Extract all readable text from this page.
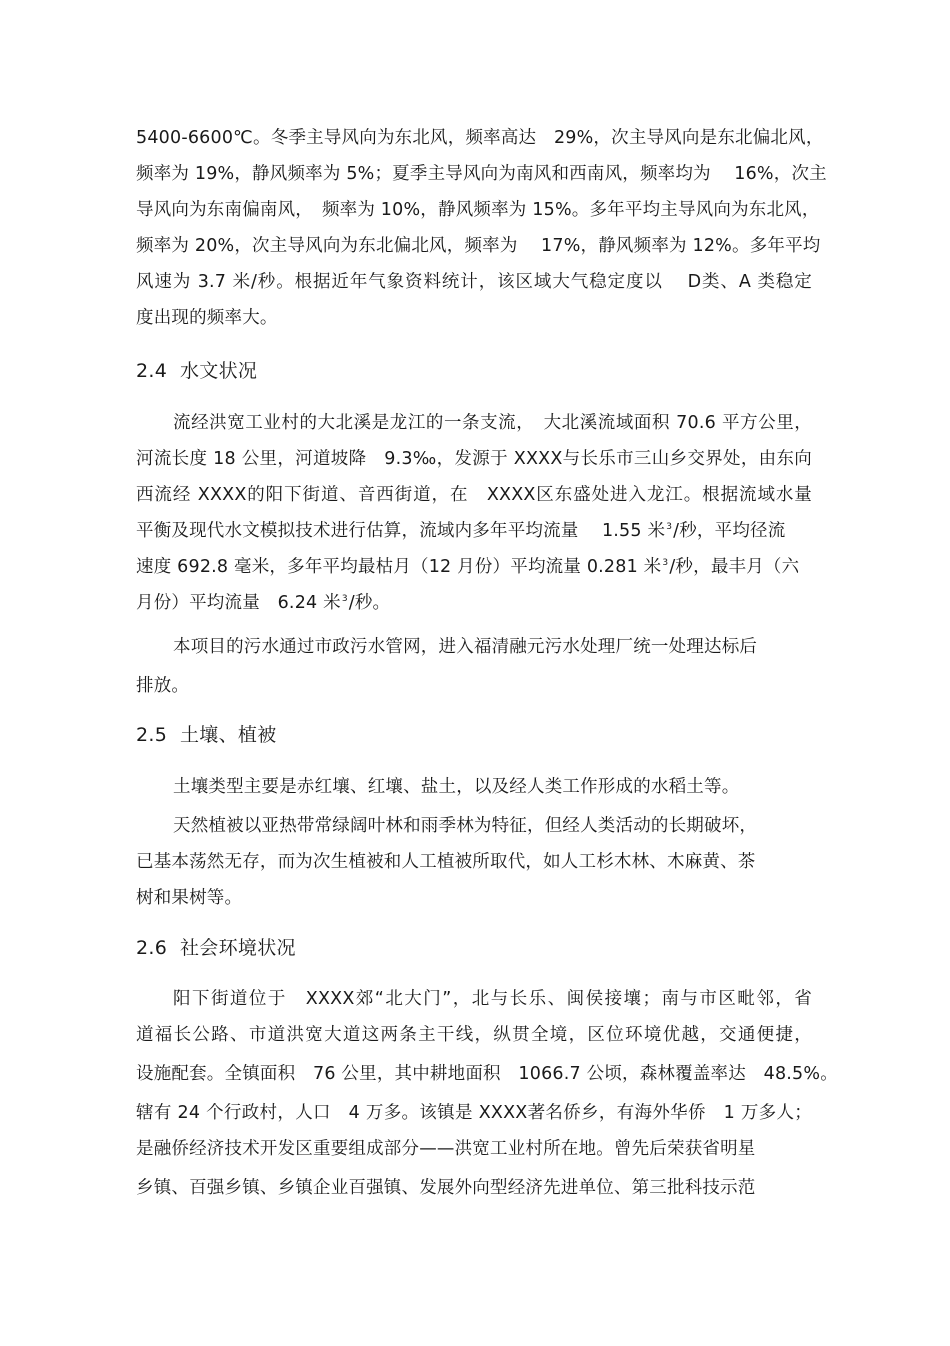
5400-6600℃。冬季主导风向为东北风，频率高达　29%，次主导风向是东北偏北风，
频率为 19%，静风频率为 5%；夏季主导风向为南风和西南风，频率均为　 16%，次主
导风向为东南偏南风，　频率为 10%，静风频率为 15%。多年平均主导风向为东北风，
频率为 20%，次主导风向为东北偏北风，频率为　 17%，静风频率为 12%。多年平均
风速为 3.7 米/秒。根据近年气象资料统计，该区域大气稳定度以　 D类、A 类稳定
度出现的频率大。
2.4 水文状况
流经洪宽工业村的大北溪是龙江的一条支流，　大北溪流域面积 70.6 平方公里，
河流长度 18 公里，河道坡降　9.3‰，发源于 XXXX与长乐市三山乡交界处，由东向
西流经 XXXX的阳下街道、音西街道，在　XXXX区东盛处进入龙江。根据流域水量
平衡及现代水文模拟技术进行估算，流域内多年平均流量　 1.55 米$^3$/秒，平均径流
速度 692.8 毫米，多年平均最枯月（12 月份）平均流量 0.281 米$^3$/秒，最丰月（六
月份）平均流量　6.24 米$^3$/秒。
本项目的污水通过市政污水管网，进入福清融元污水处理厂统一处理达标后
排放。
2.5 土壤、植被
土壤类型主要是赤红壤、红壤、盐土，以及经人类工作形成的水稻土等。
天然植被以亚热带常绿阔叶林和雨季林为特征，但经人类活动的长期破坏，
已基本荡然无存，而为次生植被和人工植被所取代，如人工杉木林、木麻黄、茶
树和果树等。
2.6 社会环境状况
阳下街道位于　XXXX郊“北大门”，北与长乐、闽侯接壤；南与市区毗邻，省
道福长公路、市道洪宽大道这两条主干线，纵贯全境，区位环境优越，交通便捷，
设施配套。全镇面积　76 公里，其中耕地面积　1066.7 公顷，森林覆盖率达　48.5%。
辖有 24 个行政村，人口　4 万多。该镇是 XXXX著名侨乡，有海外华侨　1 万多人；
是融侨经济技术开发区重要组成部分——洪宽工业村所在地。曾先后荣获省明星
乡镇、百强乡镇、乡镇企业百强镇、发展外向型经济先进单位、第三批科技示范
